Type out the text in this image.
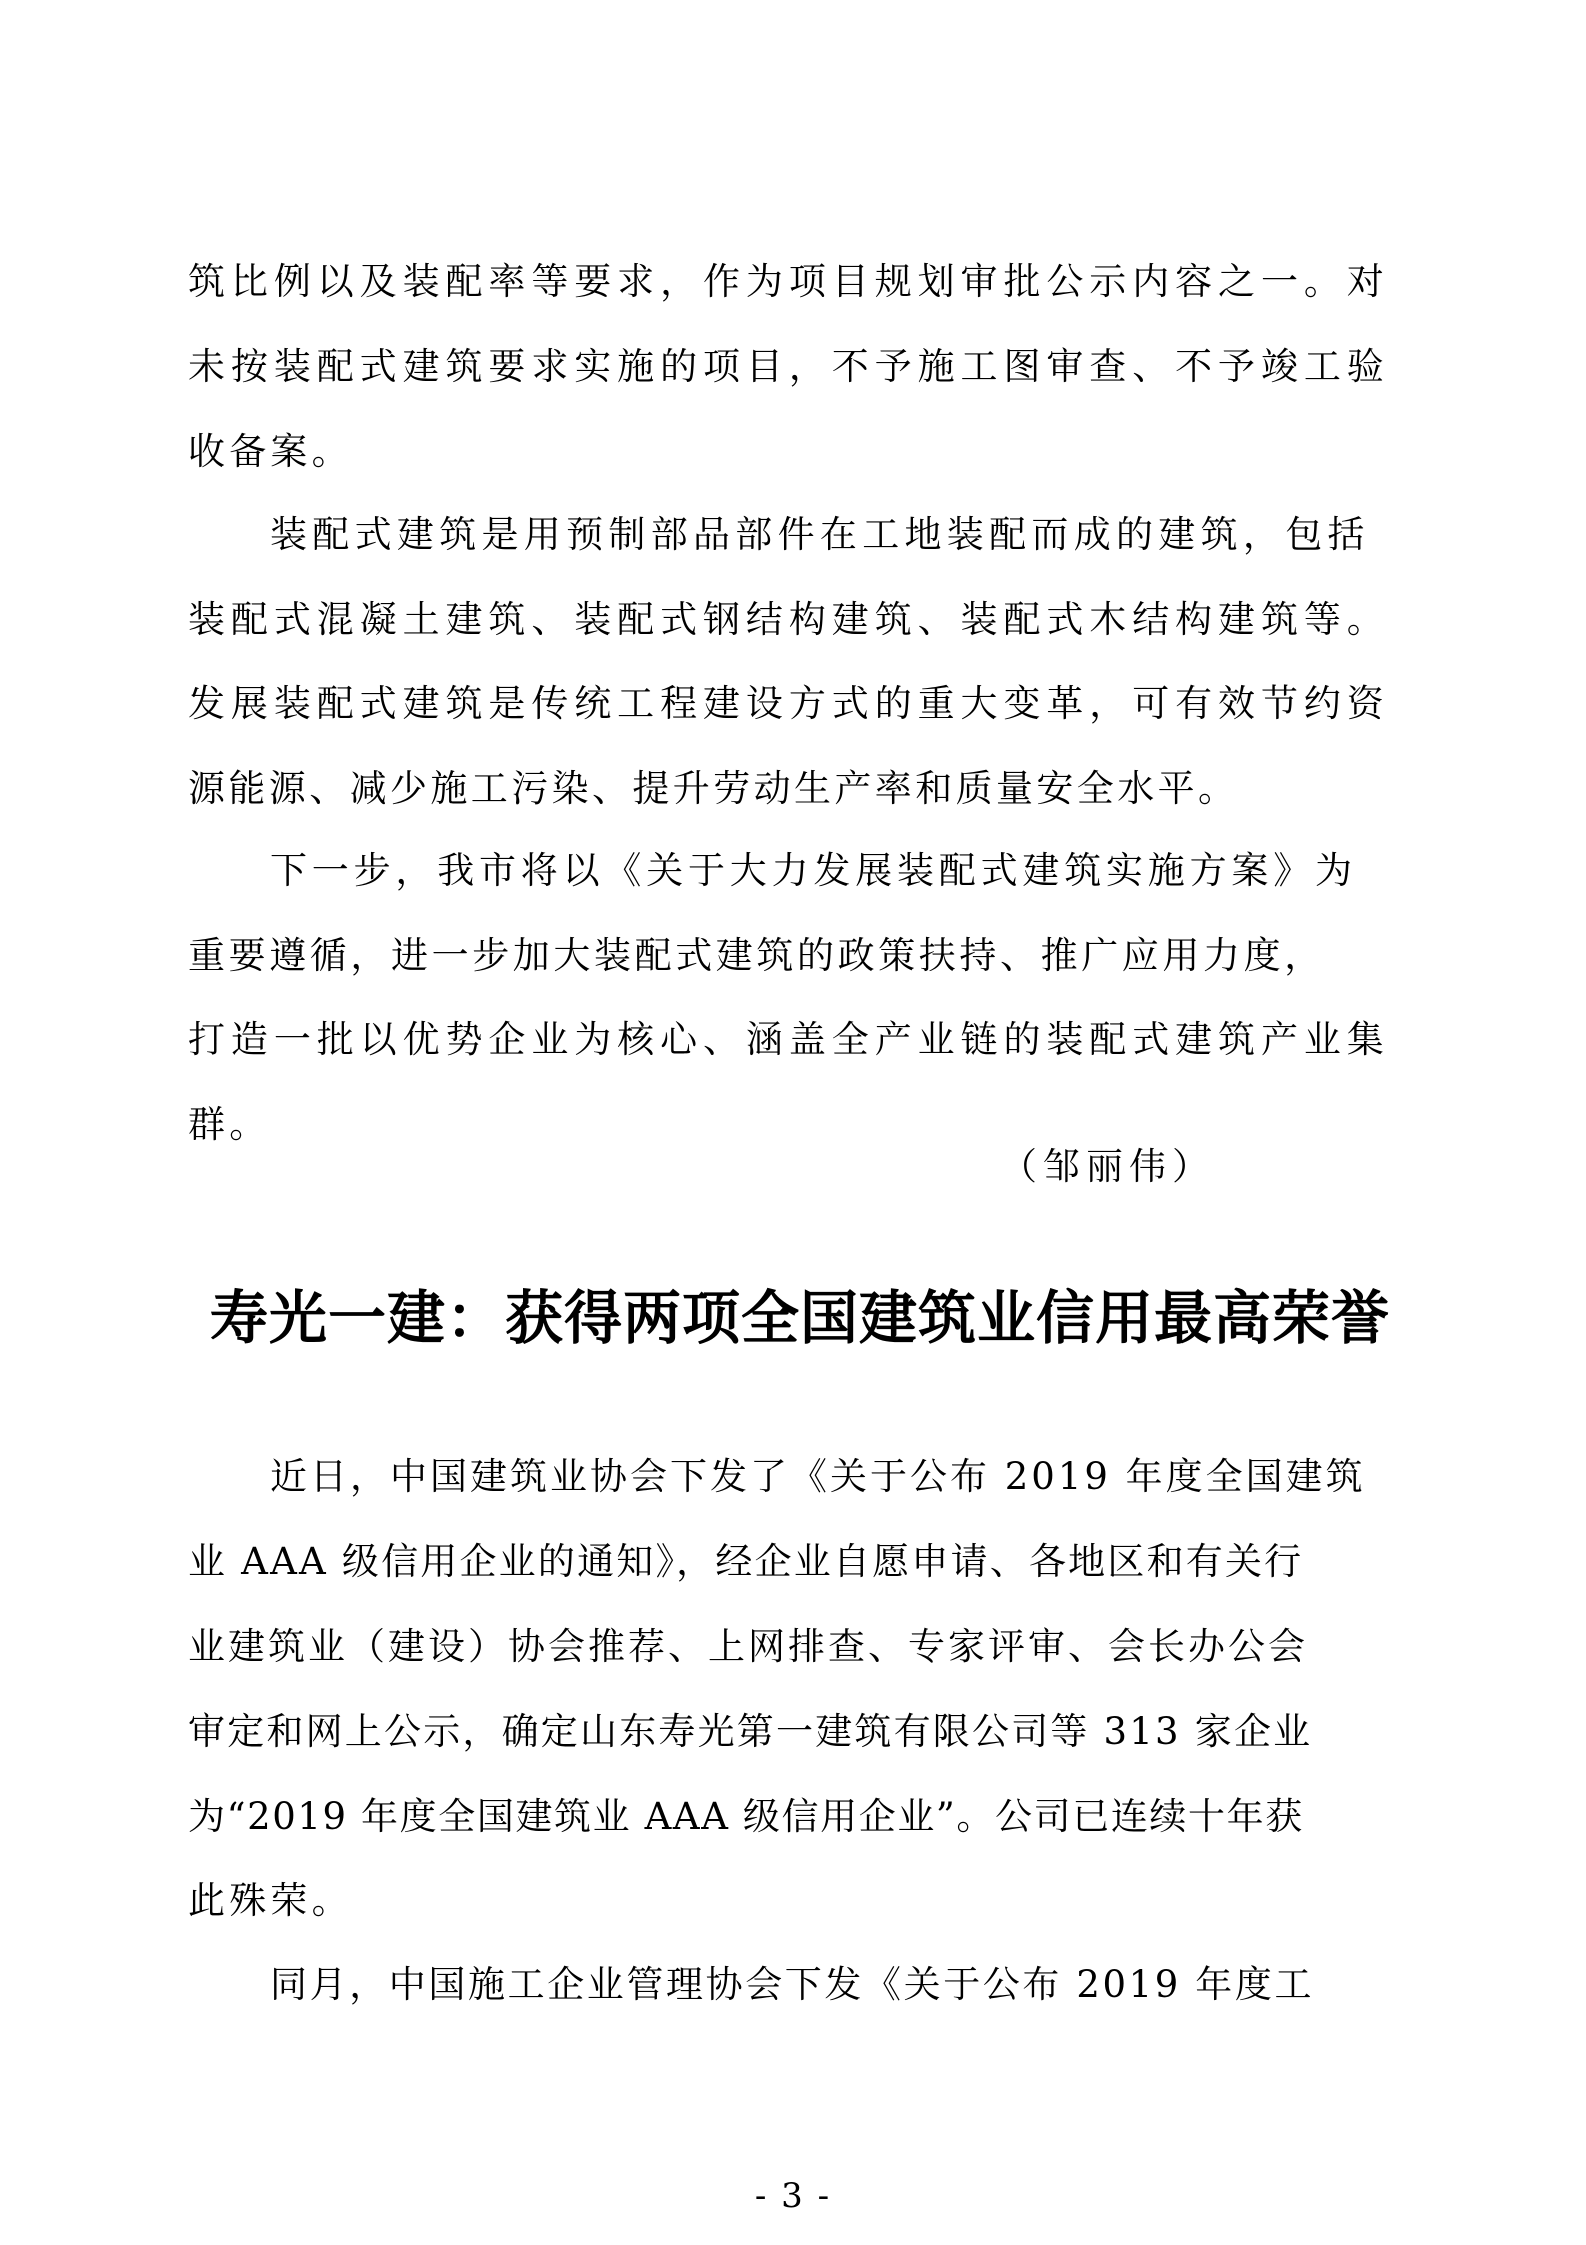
筑比例以及装配率等要求，作为项目规划审批公示内容之一。对
未按装配式建筑要求实施的项目，不予施工图审查、不予竣工验
收备案。
装配式建筑是用预制部品部件在工地装配而成的建筑，包括
装配式混凝土建筑、装配式钢结构建筑、装配式木结构建筑等。
发展装配式建筑是传统工程建设方式的重大变革，可有效节约资
源能源、减少施工污染、提升劳动生产率和质量安全水平。
下一步，我市将以《关于大力发展装配式建筑实施方案》为
重要遵循，进一步加大装配式建筑的政策扶持、推广应用力度，
打造一批以优势企业为核心、涵盖全产业链的装配式建筑产业集
群。
（邹丽伟）
寿光一建：获得两项全国建筑业信用最高荣誉
近日，中国建筑业协会下发了《关于公布 2019 年度全国建筑
业 AAA 级信用企业的通知》，经企业自愿申请、各地区和有关行
业建筑业（建设）协会推荐、上网排查、专家评审、会长办公会
审定和网上公示，确定山东寿光第一建筑有限公司等 313 家企业
为“2019 年度全国建筑业 AAA 级信用企业”。公司已连续十年获
此殊荣。
同月，中国施工企业管理协会下发《关于公布 2019 年度工
- 3 -
